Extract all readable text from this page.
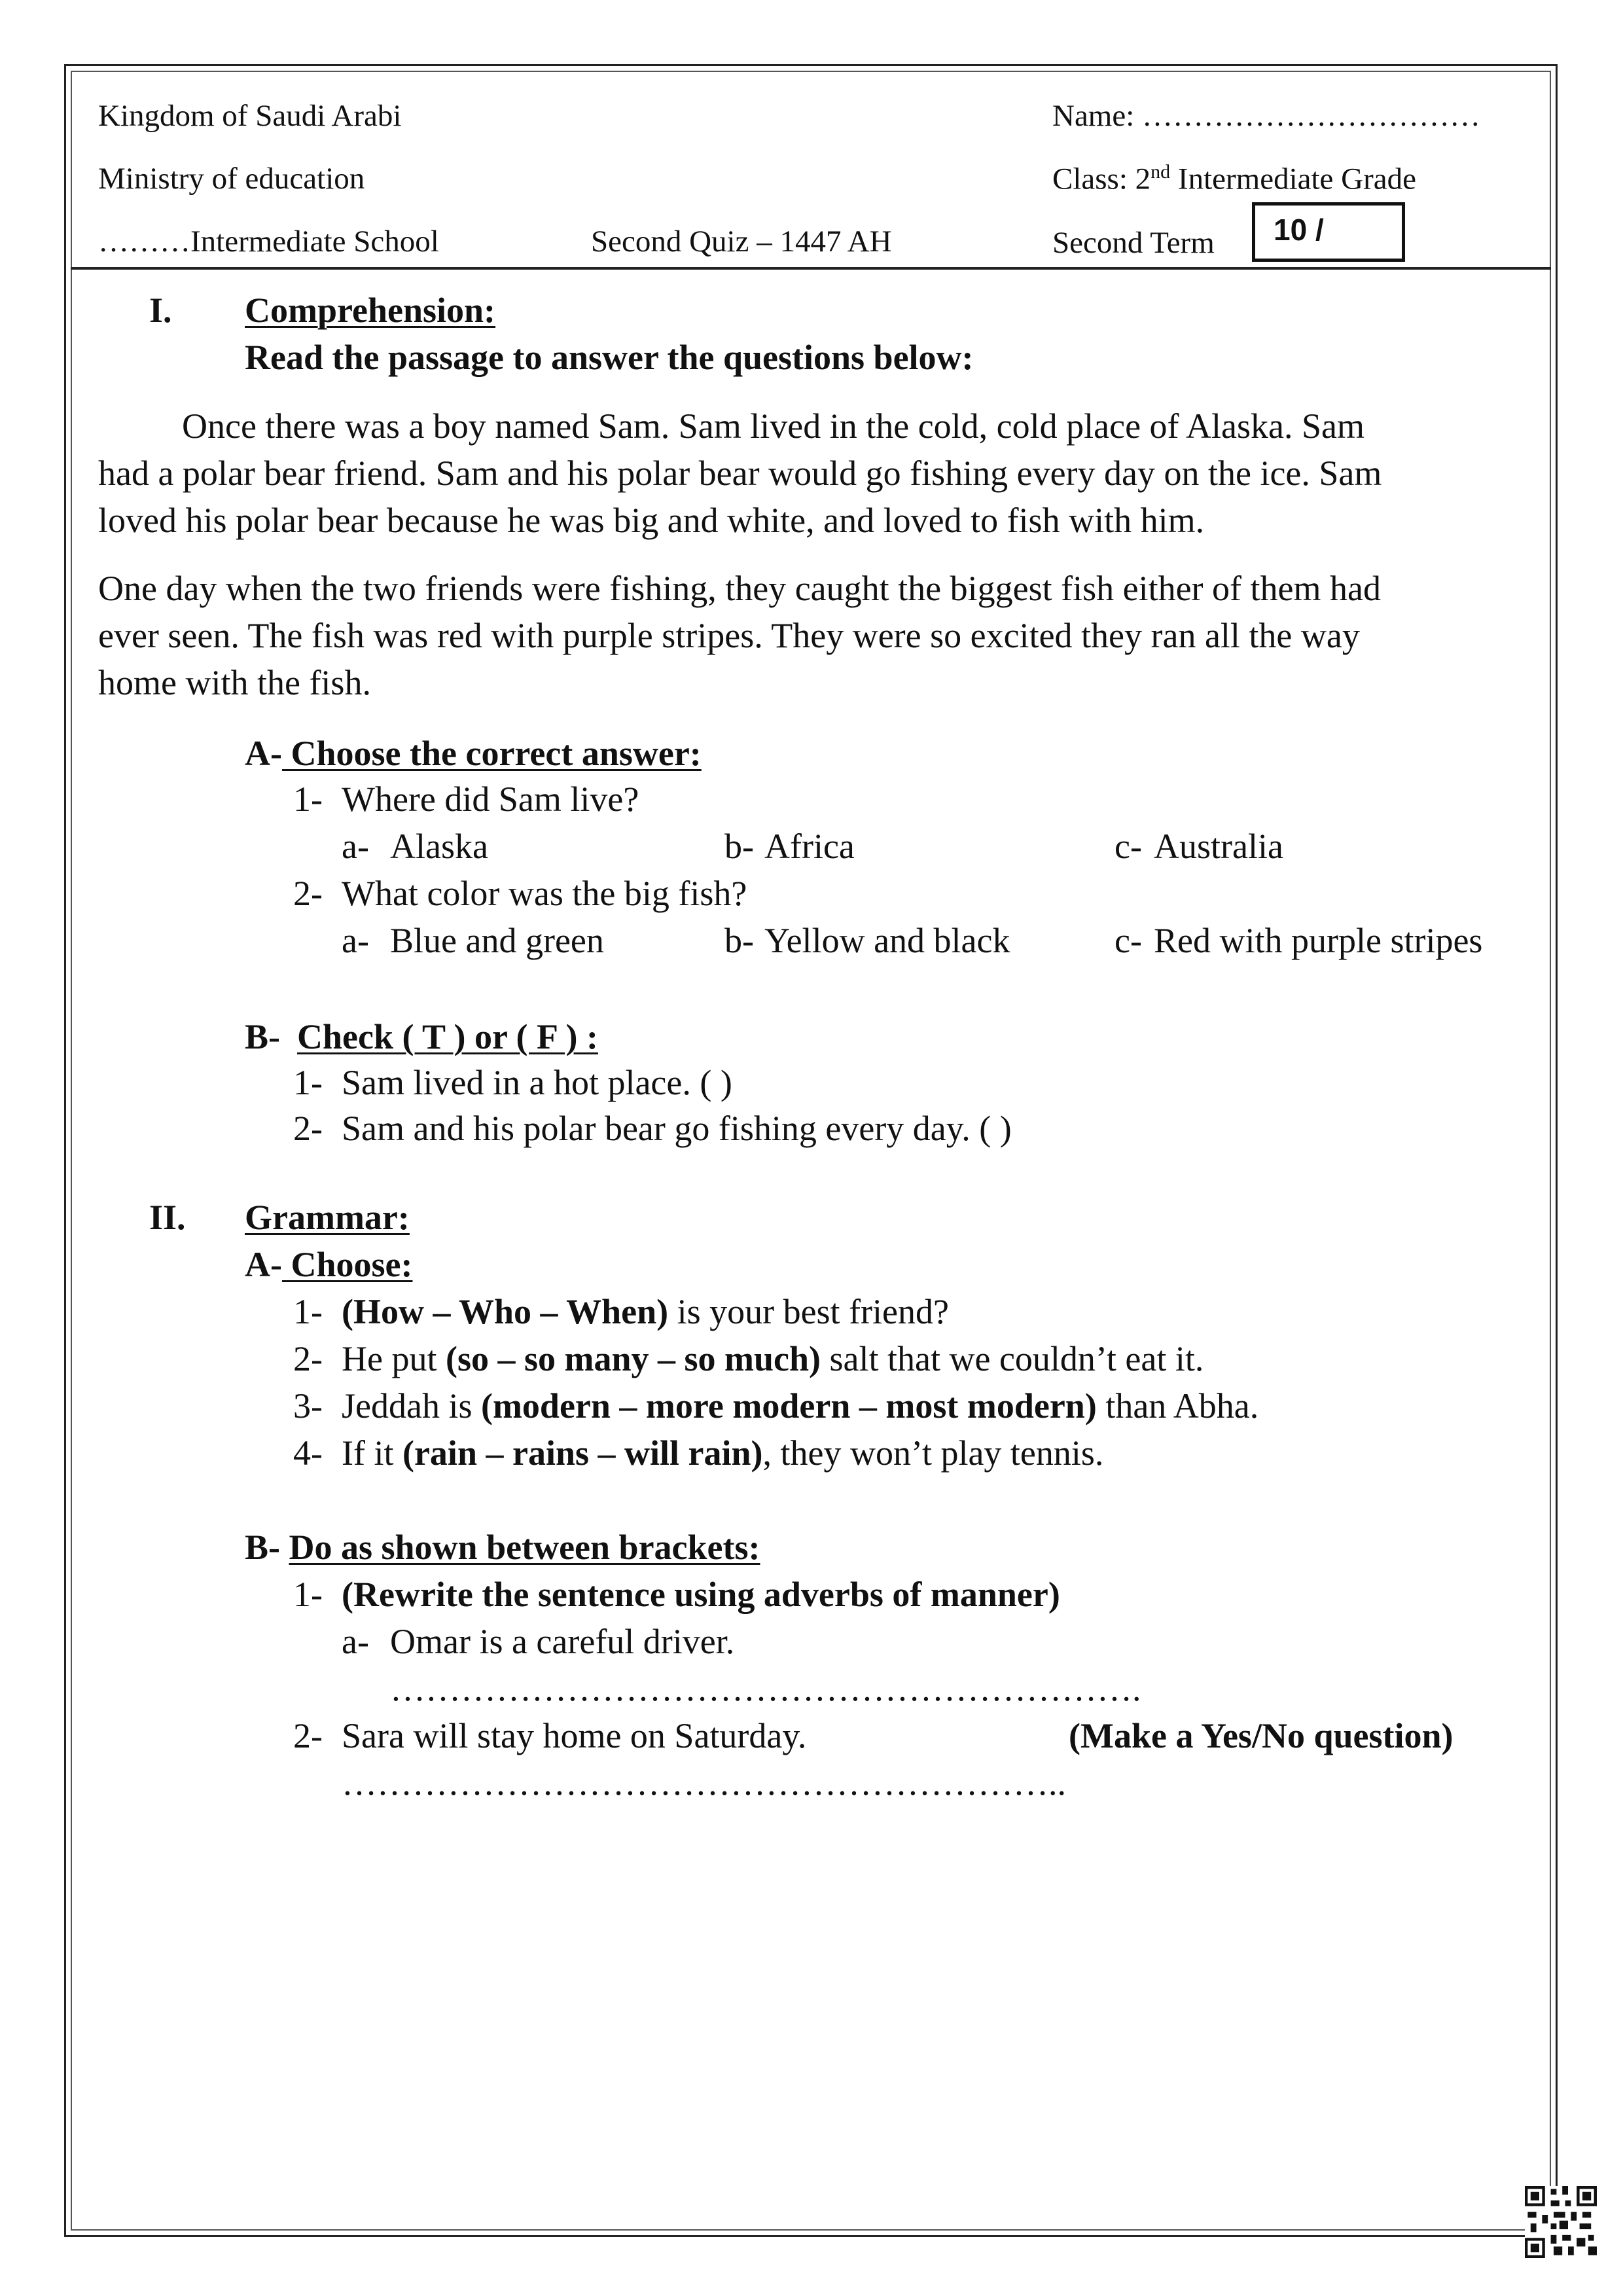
Kingdom of Saudi Arabi
Ministry of education
………Intermediate School	Second Quiz – 1447 AH
Name: ……………………………
Class: 2nd Intermediate Grade
Second Term 10 /
I. Comprehension:
Read the passage to answer the questions below:
Once there was a boy named Sam. Sam lived in the cold, cold place of Alaska. Sam
had a polar bear friend. Sam and his polar bear would go fishing every day on the ice. Sam
loved his polar bear because he was big and white, and loved to fish with him.
One day when the two friends were fishing, they caught the biggest fish either of them had
ever seen. The fish was red with purple stripes. They were so excited they ran all the way
home with the fish.
A- Choose the correct answer:
1- Where did Sam live?
a- Alaska	b- Africa	c- Australia
2- What color was the big fish?
a- Blue and green	b- Yellow and black	c- Red with purple stripes
B- Check ( T ) or ( F ) :
1- Sam lived in a hot place. ( )
2- Sam and his polar bear go fishing every day. ( )
II. Grammar:
A- Choose:
1- (How – Who – When) is your best friend?
2- He put (so – so many – so much) salt that we couldn’t eat it.
3- Jeddah is (modern – more modern – most modern) than Abha.
4- If it (rain – rains – will rain), they won’t play tennis.
B- Do as shown between brackets:
1- (Rewrite the sentence using adverbs of manner)
a- Omar is a careful driver.
……………………………………………………….
2- Sara will stay home on Saturday.	(Make a Yes/No question)
……………………………………………………..
